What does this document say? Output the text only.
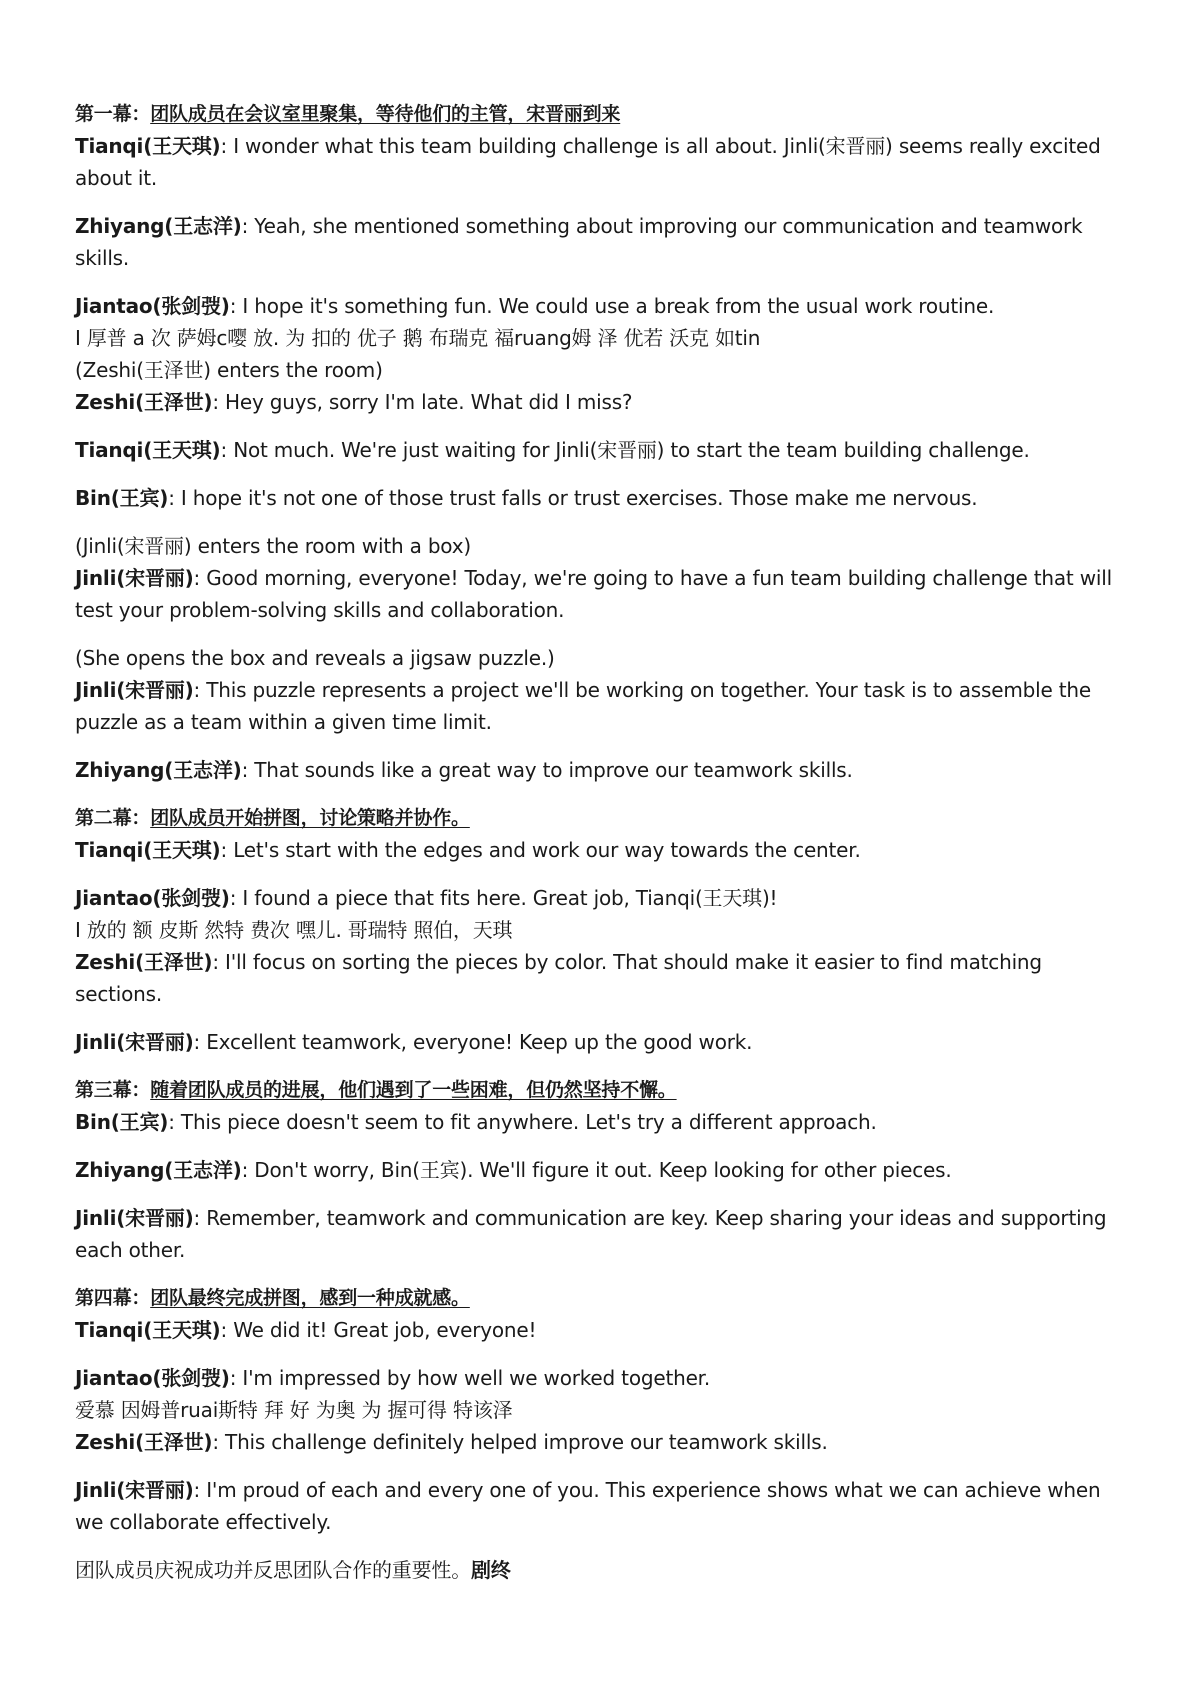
第一幕：团队成员在会议室里聚集，等待他们的主管，宋晋丽到来

Tianqi(王天琪): I wonder what this team building challenge is all about. Jinli(宋晋丽) seems really excited about it.

Zhiyang(王志洋): Yeah, she mentioned something about improving our communication and teamwork skills.

Jiantao(张剑弢): I hope it's something fun. We could use a break from the usual work routine.

I 厚普 a 次 萨姆c嘤 放. 为 扣的 优子 鹅 布瑞克 福ruang姆 泽 优若 沃克 如tin

(Zeshi(王泽世) enters the room)

Zeshi(王泽世): Hey guys, sorry I'm late. What did I miss?

Tianqi(王天琪): Not much. We're just waiting for Jinli(宋晋丽) to start the team building challenge.

Bin(王宾): I hope it's not one of those trust falls or trust exercises. Those make me nervous.

(Jinli(宋晋丽) enters the room with a box)

Jinli(宋晋丽): Good morning, everyone! Today, we're going to have a fun team building challenge that will test your problem-solving skills and collaboration.

(She opens the box and reveals a jigsaw puzzle.)

Jinli(宋晋丽): This puzzle represents a project we'll be working on together. Your task is to assemble the puzzle as a team within a given time limit.

Zhiyang(王志洋): That sounds like a great way to improve our teamwork skills.

第二幕：团队成员开始拼图，讨论策略并协作。

Tianqi(王天琪): Let's start with the edges and work our way towards the center.

Jiantao(张剑弢): I found a piece that fits here. Great job, Tianqi(王天琪)!

I 放的 额 皮斯 然特 费次 嘿儿. 哥瑞特 照伯，天琪

Zeshi(王泽世): I'll focus on sorting the pieces by color. That should make it easier to find matching sections.

Jinli(宋晋丽): Excellent teamwork, everyone! Keep up the good work.

第三幕：随着团队成员的进展，他们遇到了一些困难，但仍然坚持不懈。

Bin(王宾): This piece doesn't seem to fit anywhere. Let's try a different approach.

Zhiyang(王志洋): Don't worry, Bin(王宾). We'll figure it out. Keep looking for other pieces.

Jinli(宋晋丽): Remember, teamwork and communication are key. Keep sharing your ideas and supporting each other.

第四幕：团队最终完成拼图，感到一种成就感。

Tianqi(王天琪): We did it! Great job, everyone!

Jiantao(张剑弢): I'm impressed by how well we worked together.

爱慕 因姆普ruai斯特 拜 好 为奥 为 握可得 特该泽

Zeshi(王泽世): This challenge definitely helped improve our teamwork skills.

Jinli(宋晋丽): I'm proud of each and every one of you. This experience shows what we can achieve when we collaborate effectively.

团队成员庆祝成功并反思团队合作的重要性。剧终
